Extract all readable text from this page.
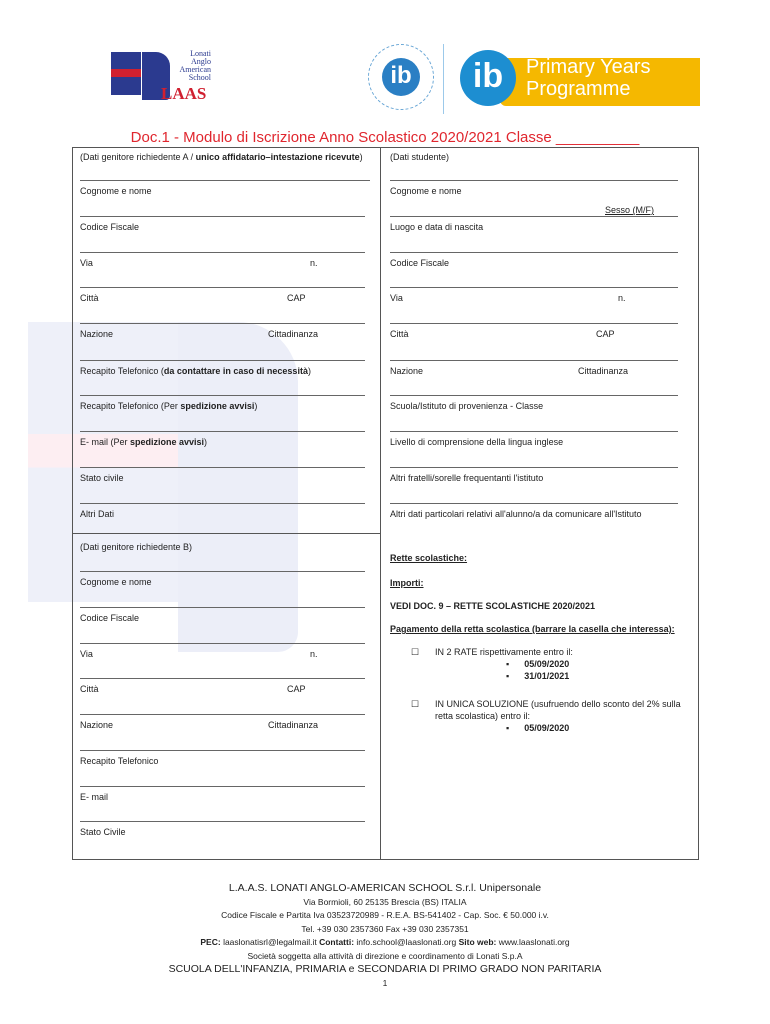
Lonati
Anglo
American
School
LAAS
ib	ib	Primary Years
Programme
Doc.1 - Modulo di Iscrizione Anno Scolastico 2020/2021 Classe __________
(Dati genitore richiedente A / unico affidatario–intestazione ricevute)
Cognome e nome
Codice Fiscale
Via	n.
Città	CAP
Nazione	Cittadinanza
Recapito Telefonico (da contattare in caso di necessità)
Recapito Telefonico (Per spedizione avvisi)
E- mail (Per spedizione avvisi)
Stato civile
Altri Dati
(Dati studente)
Cognome e nome
Sesso (M/F)
Luogo e data di nascita
Codice Fiscale
Via	n.
Città	CAP
Nazione	Cittadinanza
Scuola/Istituto di provenienza - Classe
Livello di comprensione della lingua inglese
Altri fratelli/sorelle frequentanti l'istituto
Altri dati particolari relativi all'alunno/a da comunicare all'Istituto
(Dati genitore richiedente B)
Cognome e nome
Codice Fiscale
Via	n.
Città	CAP
Nazione	Cittadinanza
Recapito Telefonico
E- mail
Stato Civile
Rette scolastiche:
Importi:
VEDI DOC. 9 – RETTE SCOLASTICHE 2020/2021
Pagamento della retta scolastica (barrare la casella che interessa):
☐ IN 2 RATE rispettivamente entro il:
▪      05/09/2020
▪      31/01/2021
☐ IN UNICA SOLUZIONE (usufruendo dello sconto del 2% sulla
retta scolastica) entro il:
▪      05/09/2020
L.A.A.S. LONATI ANGLO-AMERICAN SCHOOL S.r.l. Unipersonale
Via Bormioli, 60 25135 Brescia (BS) ITALIA
Codice Fiscale e Partita Iva 03523720989 - R.E.A. BS-541402 - Cap. Soc. € 50.000 i.v.
Tel. +39 030 2357360 Fax +39 030 2357351
PEC: laaslonatisrl@legalmail.it Contatti: info.school@laaslonati.org Sito web: www.laaslonati.org
Società soggetta alla attività di direzione e coordinamento di Lonati S.p.A
SCUOLA DELL'INFANZIA, PRIMARIA e SECONDARIA DI PRIMO GRADO NON PARITARIA
1
